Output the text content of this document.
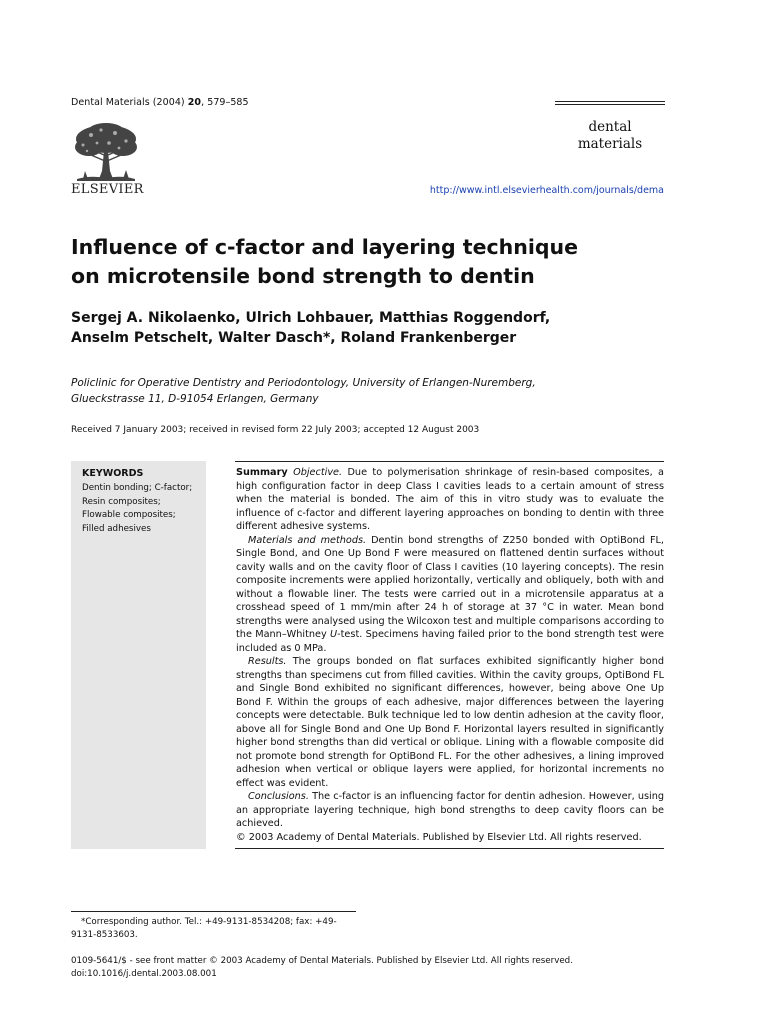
Dental Materials (2004) 20, 579–585
ELSEVIER
dental
materials
http://www.intl.elsevierhealth.com/journals/dema
Influence of c-factor and layering technique
on microtensile bond strength to dentin
Sergej A. Nikolaenko, Ulrich Lohbauer, Matthias Roggendorf,
Anselm Petschelt, Walter Dasch*, Roland Frankenberger
Policlinic for Operative Dentistry and Periodontology, University of Erlangen-Nuremberg,
Glueckstrasse 11, D-91054 Erlangen, Germany
Received 7 January 2003; received in revised form 22 July 2003; accepted 12 August 2003
KEYWORDS
Dentin bonding; C-factor;
Resin composites;
Flowable composites;
Filled adhesives

Summary Objective. Due to polymerisation shrinkage of resin-based composites, a high configuration factor in deep Class I cavities leads to a certain amount of stress when the material is bonded. The aim of this in vitro study was to evaluate the influence of c-factor and different layering approaches on bonding to dentin with three different adhesive systems.

Materials and methods. Dentin bond strengths of Z250 bonded with OptiBond FL, Single Bond, and One Up Bond F were measured on flattened dentin surfaces without cavity walls and on the cavity floor of Class I cavities (10 layering concepts). The resin composite increments were applied horizontally, vertically and obliquely, both with and without a flowable liner. The tests were carried out in a microtensile apparatus at a crosshead speed of 1 mm/min after 24 h of storage at 37 °C in water. Mean bond strengths were analysed using the Wilcoxon test and multiple comparisons according to the Mann–Whitney U-test. Specimens having failed prior to the bond strength test were included as 0 MPa.

Results. The groups bonded on flat surfaces exhibited significantly higher bond strengths than specimens cut from filled cavities. Within the cavity groups, OptiBond FL and Single Bond exhibited no significant differences, however, being above One Up Bond F. Within the groups of each adhesive, major differences between the layering concepts were detectable. Bulk technique led to low dentin adhesion at the cavity floor, above all for Single Bond and One Up Bond F. Horizontal layers resulted in significantly higher bond strengths than did vertical or oblique. Lining with a flowable composite did not promote bond strength for OptiBond FL. For the other adhesives, a lining improved adhesion when vertical or oblique layers were applied, for horizontal increments no effect was evident.

Conclusions. The c-factor is an influencing factor for dentin adhesion. However, using an appropriate layering technique, high bond strengths to deep cavity floors can be achieved.

© 2003 Academy of Dental Materials. Published by Elsevier Ltd. All rights reserved.

*Corresponding author. Tel.: +49-9131-8534208; fax: +49-
9131-8533603.
0109-5641/$ - see front matter © 2003 Academy of Dental Materials. Published by Elsevier Ltd. All rights reserved.
doi:10.1016/j.dental.2003.08.001
